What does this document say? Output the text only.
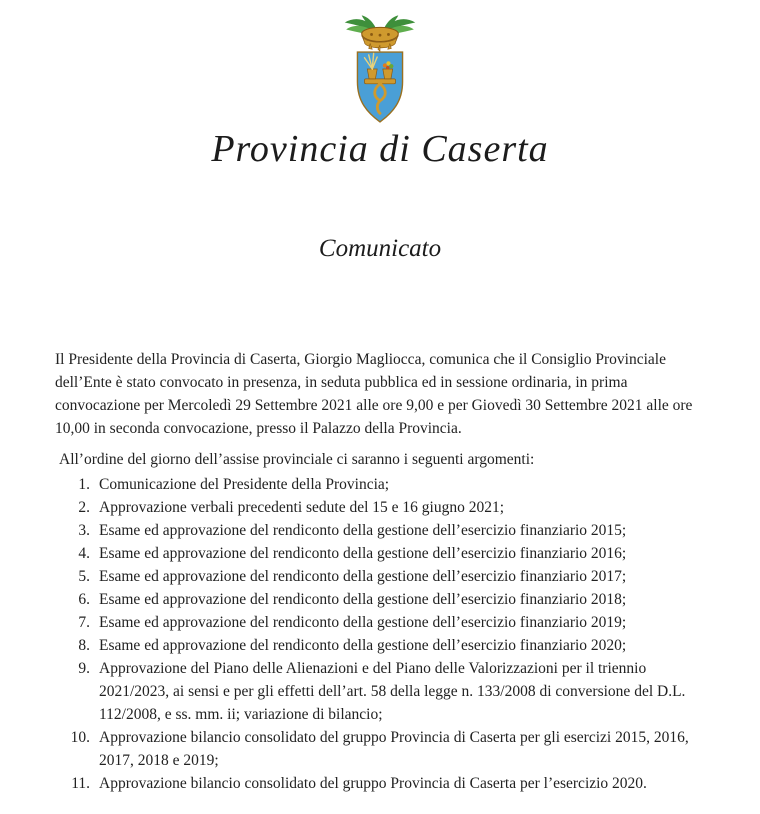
Provincia di Caserta
Comunicato

Il Presidente della Provincia di Caserta, Giorgio Magliocca, comunica che il Consiglio Provinciale dell’Ente è stato convocato in presenza, in seduta pubblica ed in sessione ordinaria, in prima convocazione per Mercoledì 29 Settembre 2021 alle ore 9,00 e per Giovedì 30 Settembre 2021 alle ore 10,00 in seconda convocazione, presso il Palazzo della Provincia.

All’ordine del giorno dell’assise provinciale ci saranno i seguenti argomenti:

1. Comunicazione del Presidente della Provincia;
2. Approvazione verbali precedenti sedute del 15 e 16 giugno 2021;
3. Esame ed approvazione del rendiconto della gestione dell’esercizio finanziario 2015;
4. Esame ed approvazione del rendiconto della gestione dell’esercizio finanziario 2016;
5. Esame ed approvazione del rendiconto della gestione dell’esercizio finanziario 2017;
6. Esame ed approvazione del rendiconto della gestione dell’esercizio finanziario 2018;
7. Esame ed approvazione del rendiconto della gestione dell’esercizio finanziario 2019;
8. Esame ed approvazione del rendiconto della gestione dell’esercizio finanziario 2020;
9. Approvazione del Piano delle Alienazioni e del Piano delle Valorizzazioni per il triennio 2021/2023, ai sensi e per gli effetti dell’art. 58 della legge n. 133/2008 di conversione del D.L. 112/2008, e ss. mm. ii; variazione di bilancio;
10. Approvazione bilancio consolidato del gruppo Provincia di Caserta per gli esercizi 2015, 2016, 2017, 2018 e 2019;
11. Approvazione bilancio consolidato del gruppo Provincia di Caserta per l’esercizio 2020.
